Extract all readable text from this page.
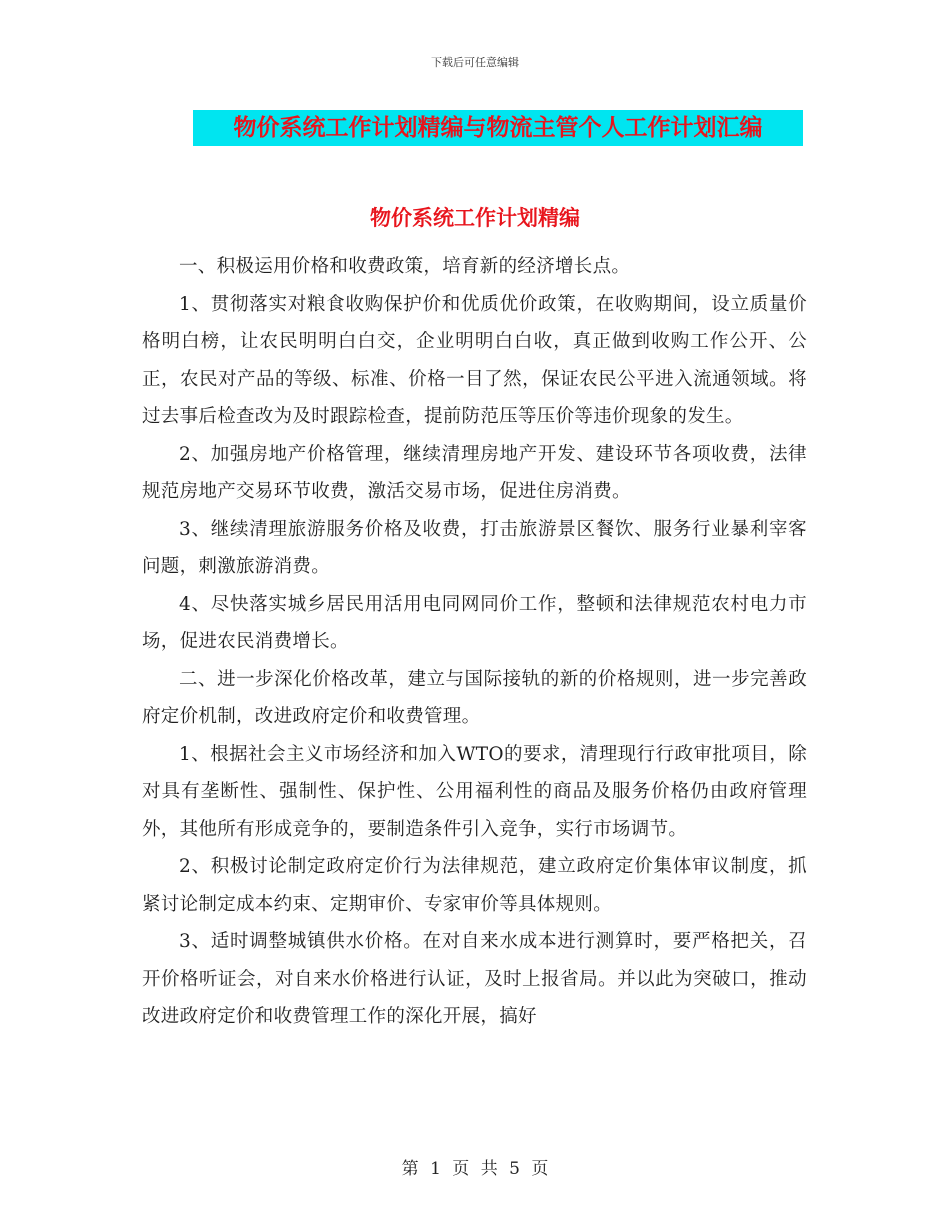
下载后可任意编辑
物价系统工作计划精编与物流主管个人工作计划汇编
物价系统工作计划精编

一、积极运用价格和收费政策，培育新的经济增长点。

1、贯彻落实对粮食收购保护价和优质优价政策，在收购期间，设立质量价格明白榜，让农民明明白白交，企业明明白白收，真正做到收购工作公开、公正，农民对产品的等级、标准、价格一目了然，保证农民公平进入流通领域。将过去事后检查改为及时跟踪检查，提前防范压等压价等违价现象的发生。

2、加强房地产价格管理，继续清理房地产开发、建设环节各项收费，法律规范房地产交易环节收费，激活交易市场，促进住房消费。

3、继续清理旅游服务价格及收费，打击旅游景区餐饮、服务行业暴利宰客问题，刺激旅游消费。

4、尽快落实城乡居民用活用电同网同价工作，整顿和法律规范农村电力市场，促进农民消费增长。

二、进一步深化价格改革，建立与国际接轨的新的价格规则，进一步完善政府定价机制，改进政府定价和收费管理。

1、根据社会主义市场经济和加入WTO的要求，清理现行行政审批项目，除对具有垄断性、强制性、保护性、公用福利性的商品及服务价格仍由政府管理外，其他所有形成竞争的，要制造条件引入竞争，实行市场调节。

2、积极讨论制定政府定价行为法律规范，建立政府定价集体审议制度，抓紧讨论制定成本约束、定期审价、专家审价等具体规则。

3、适时调整城镇供水价格。在对自来水成本进行测算时，要严格把关，召开价格听证会，对自来水价格进行认证，及时上报省局。并以此为突破口，推动改进政府定价和收费管理工作的深化开展，搞好

第 1 页 共 5 页
